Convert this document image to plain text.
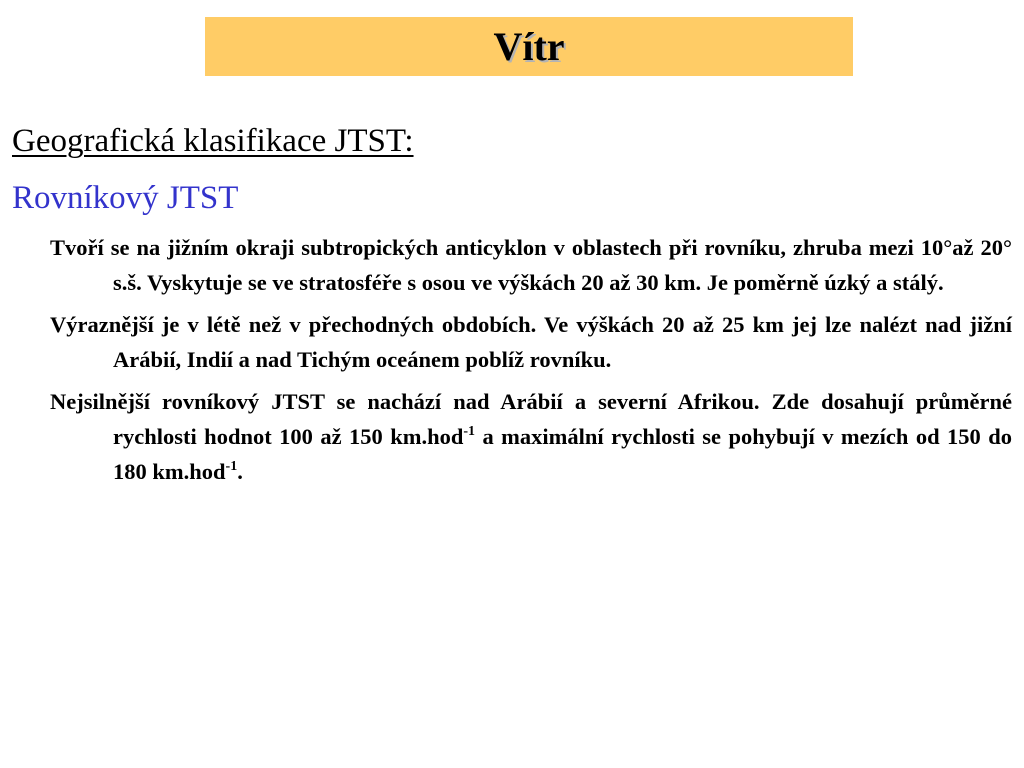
Vítr
Geografická klasifikace JTST:
Rovníkový JTST

Tvoří se na jižním okraji subtropických anticyklon v oblastech při rovníku, zhruba mezi 10°až 20° s.š. Vyskytuje se ve stratosféře s osou ve výškách 20 až 30 km. Je poměrně úzký a stálý.

Výraznější je v létě než v přechodných obdobích. Ve výškách 20 až 25 km jej lze nalézt nad jižní Arábií, Indií a nad Tichým oceánem poblíž rovníku.

Nejsilnější rovníkový JTST se nachází nad Arábií a severní Afrikou. Zde dosahují průměrné rychlosti hodnot 100 až 150 km.hod$^{-1}$ a maximální rychlosti se pohybují v mezích od 150 do 180 km.hod$^{-1}$.
